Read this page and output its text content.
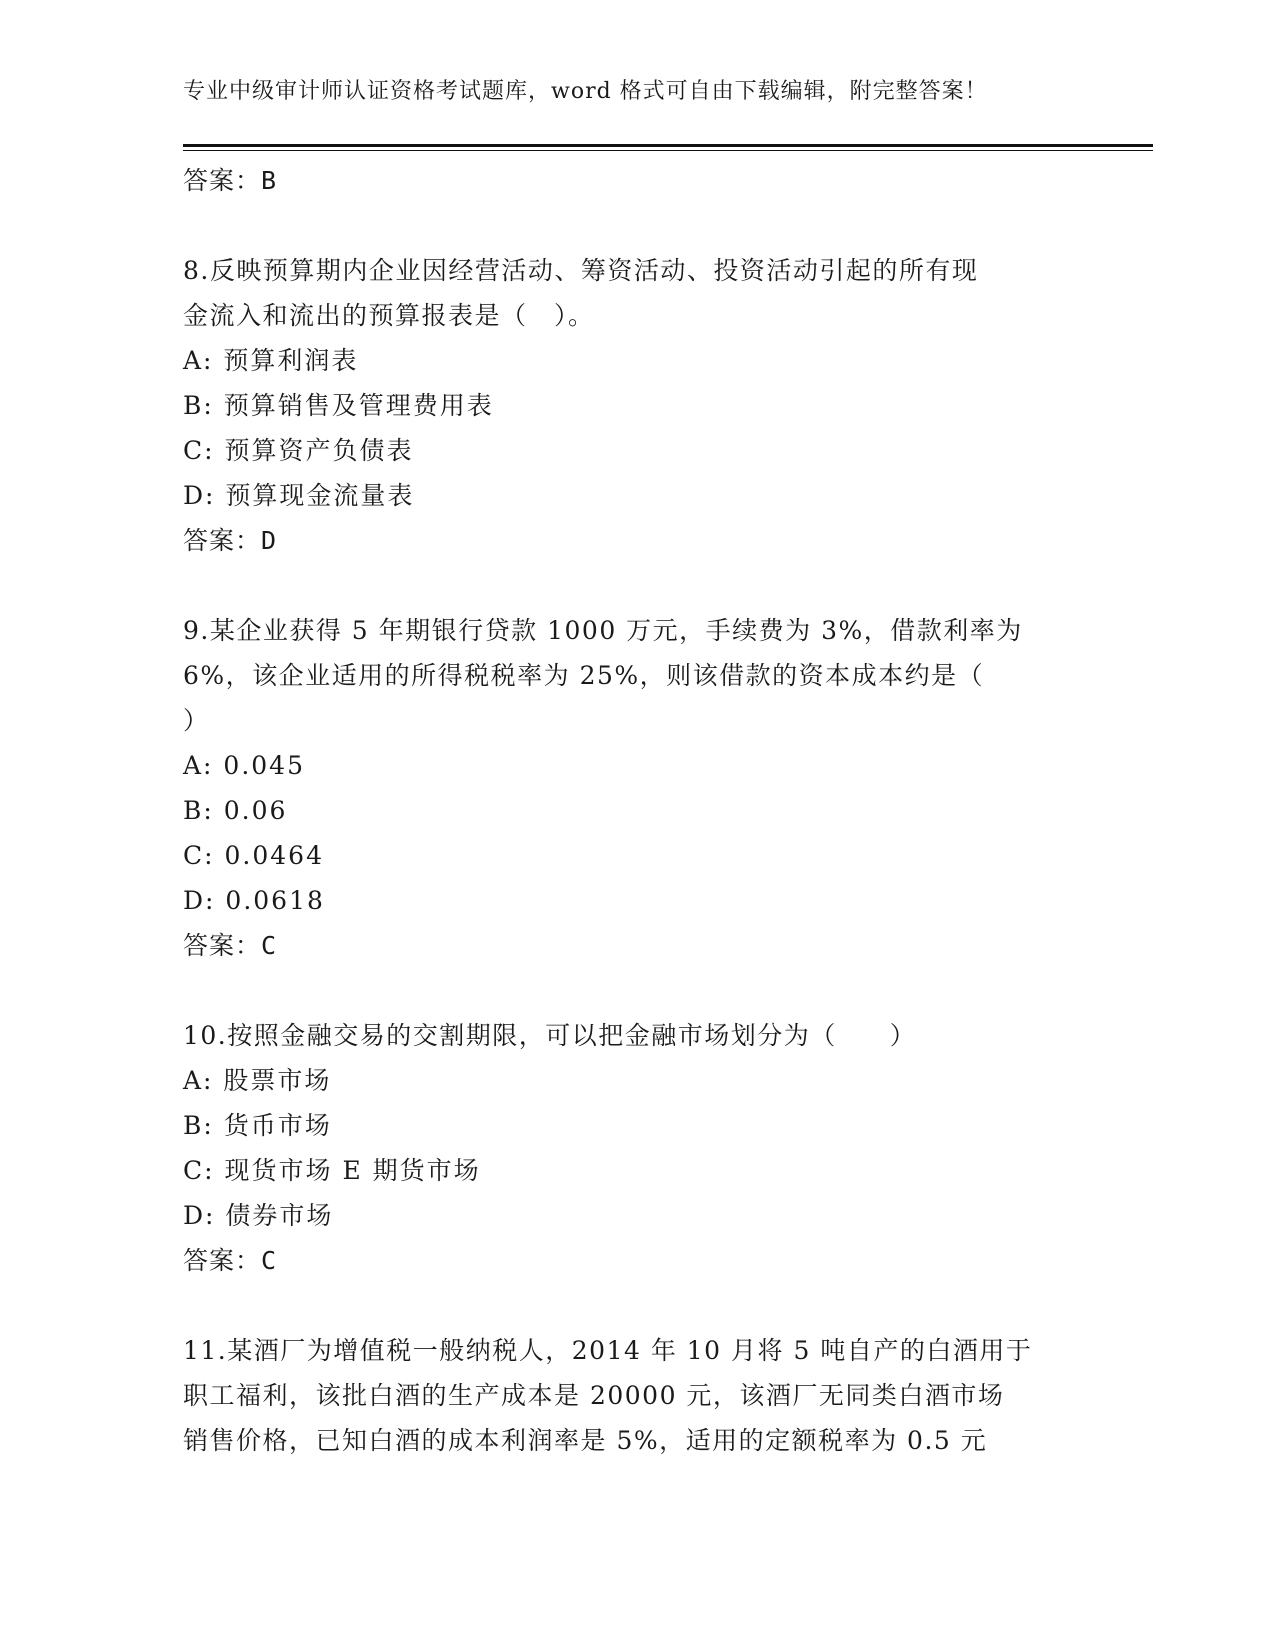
专业中级审计师认证资格考试题库，word 格式可自由下载编辑，附完整答案！
答案：B
8.反映预算期内企业因经营活动、筹资活动、投资活动引起的所有现
金流入和流出的预算报表是（　）。
A: 预算利润表
B: 预算销售及管理费用表
C: 预算资产负债表
D: 预算现金流量表
答案：D
9.某企业获得 5 年期银行贷款 1000 万元，手续费为 3%，借款利率为
6%，该企业适用的所得税税率为 25%，则该借款的资本成本约是（
）
A: 0.045
B: 0.06
C: 0.0464
D: 0.0618
答案：C
10.按照金融交易的交割期限，可以把金融市场划分为（　　）
A: 股票市场
B: 货币市场
C: 现货市场 E 期货市场
D: 债券市场
答案：C
11.某酒厂为增值税一般纳税人，2014 年 10 月将 5 吨自产的白酒用于
职工福利，该批白酒的生产成本是 20000 元，该酒厂无同类白酒市场
销售价格，已知白酒的成本利润率是 5%，适用的定额税率为 0.5 元
